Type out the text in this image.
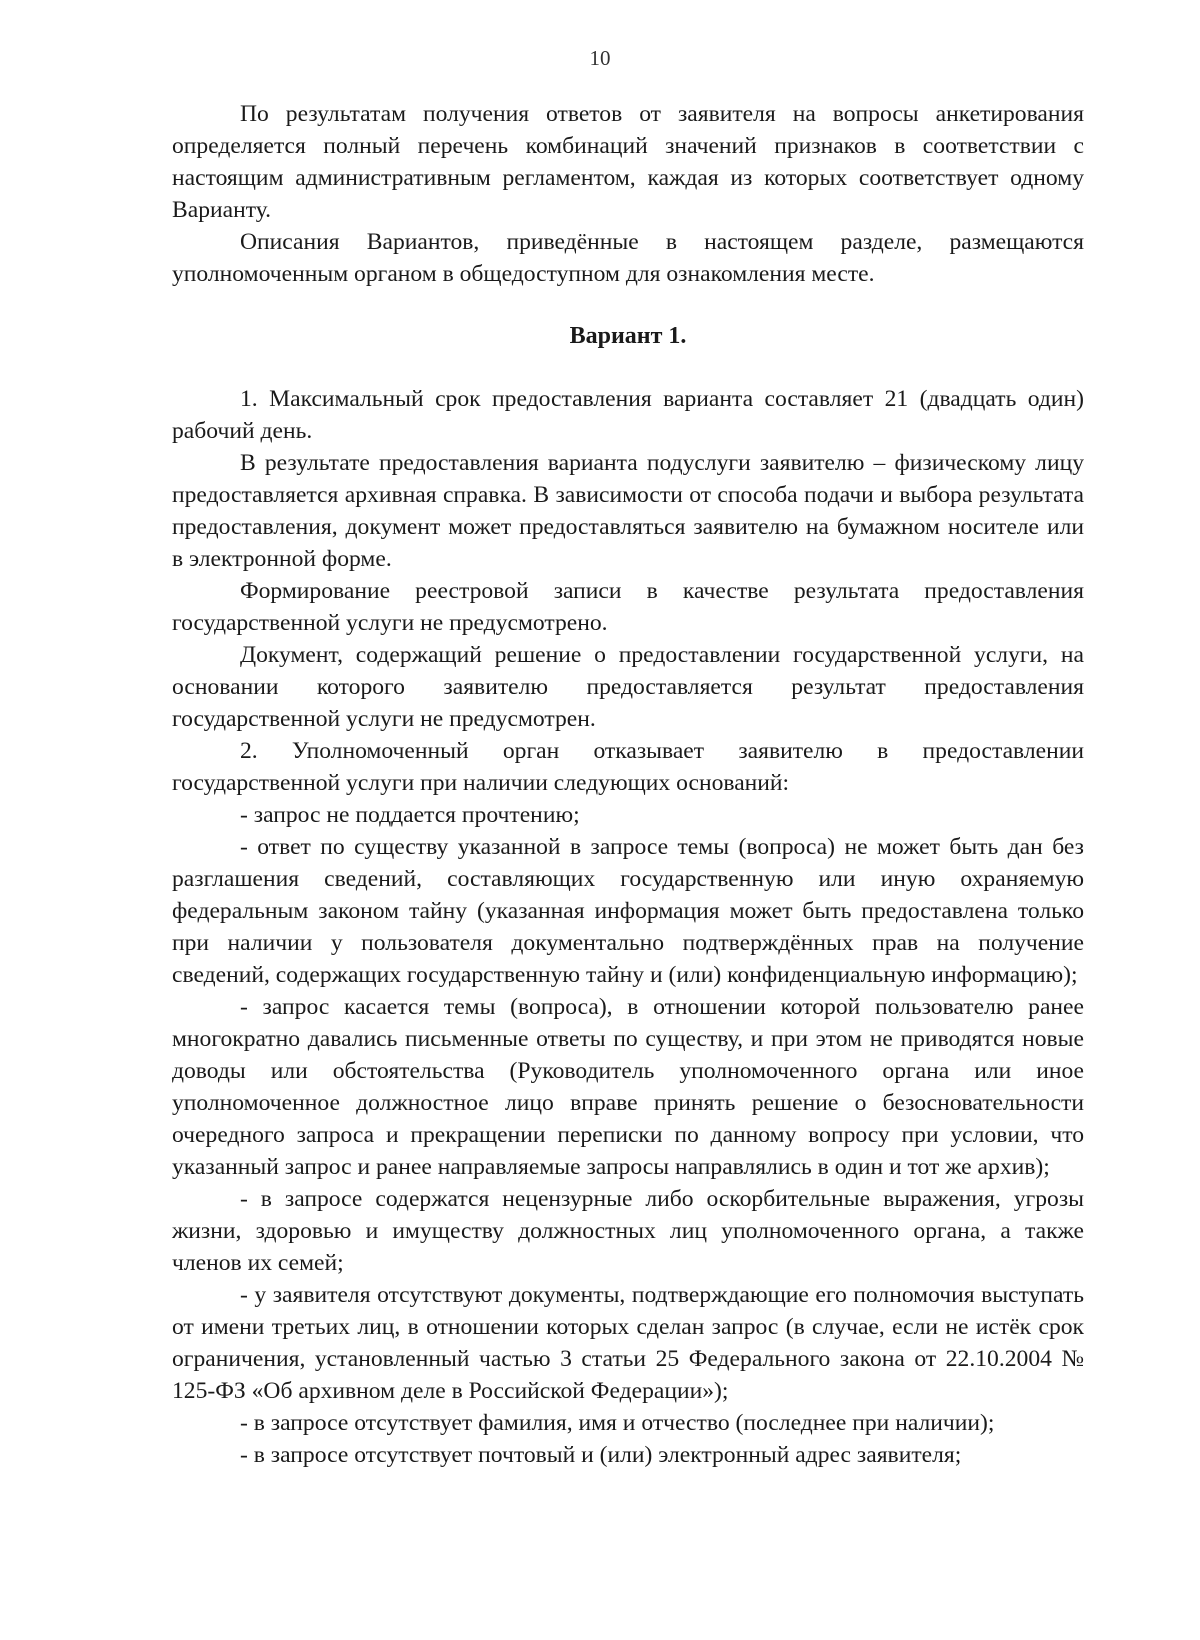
10

По результатам получения ответов от заявителя на вопросы анкетирования определяется полный перечень комбинаций значений признаков в соответствии с настоящим административным регламентом, каждая из которых соответствует одному Варианту.

Описания Вариантов, приведённые в настоящем разделе, размещаются уполномоченным органом в общедоступном для ознакомления месте.

Вариант 1.

1. Максимальный срок предоставления варианта составляет 21 (двадцать один) рабочий день.

В результате предоставления варианта подуслуги заявителю – физическому лицу предоставляется архивная справка. В зависимости от способа подачи и выбора результата предоставления, документ может предоставляться заявителю на бумажном носителе или в электронной форме.

Формирование реестровой записи в качестве результата предоставления государственной услуги не предусмотрено.

Документ, содержащий решение о предоставлении государственной услуги, на основании которого заявителю предоставляется результат предоставления государственной услуги не предусмотрен.

2. Уполномоченный орган отказывает заявителю в предоставлении государственной услуги при наличии следующих оснований:

- запрос не поддается прочтению;

- ответ по существу указанной в запросе темы (вопроса) не может быть дан без разглашения сведений, составляющих государственную или иную охраняемую федеральным законом тайну (указанная информация может быть предоставлена только при наличии у пользователя документально подтверждённых прав на получение сведений, содержащих государственную тайну и (или) конфиденциальную информацию);

- запрос касается темы (вопроса), в отношении которой пользователю ранее многократно давались письменные ответы по существу, и при этом не приводятся новые доводы или обстоятельства (Руководитель уполномоченного органа или иное уполномоченное должностное лицо вправе принять решение о безосновательности очередного запроса и прекращении переписки по данному вопросу при условии, что указанный запрос и ранее направляемые запросы направлялись в один и тот же архив);

- в запросе содержатся нецензурные либо оскорбительные выражения, угрозы жизни, здоровью и имуществу должностных лиц уполномоченного органа, а также членов их семей;

- у заявителя отсутствуют документы, подтверждающие его полномочия выступать от имени третьих лиц, в отношении которых сделан запрос (в случае, если не истёк срок ограничения, установленный частью 3 статьи 25 Федерального закона от 22.10.2004 № 125-ФЗ «Об архивном деле в Российской Федерации»);

- в запросе отсутствует фамилия, имя и отчество (последнее при наличии);

- в запросе отсутствует почтовый и (или) электронный адрес заявителя;
